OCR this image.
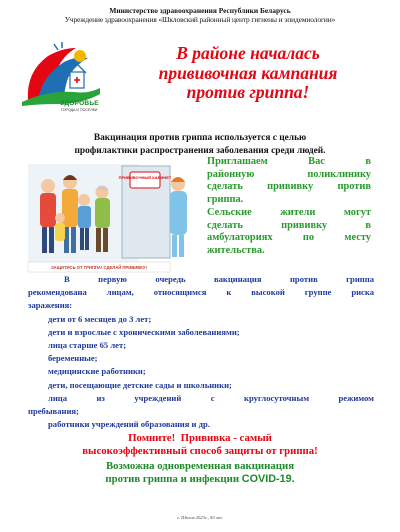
Министерство здравоохранения Республики Беларусь
Учреждение здравоохранения «Шкловский районный центр гигиены и эпидемиологии»
ЗДОРОВЬЕ
ГОРОДА И ПОСЕЛКИ
В районе началась
прививочная кампания
против гриппа!
Вакцинация против гриппа используется с целью
профилактики распространения заболевания среди людей.
ПРИВИВОЧНЫЙ КАБИНЕТ
ЗАЩИТИСЬ ОТ ГРИППА! СДЕЛАЙ ПРИВИВКУ!

Приглашаем Вас в

районную поликлинику

сделать прививку против

гриппа.

Сельские жители могут

сделать прививку в

амбулаториях по месту

жительства.

В первую очередь вакцинация против гриппа

рекомендована лицам, относящимся к высокой группе риска

заражения:

дети от 6 месяцев до 3 лет;

дети и взрослые с хроническими заболеваниями;

лица старше 65 лет;

беременные;

медицинские работники;

дети, посещающие детские сады и школьники;

лица из учреждений с круглосуточным режимом

пребывания;

работники учреждений образования и др.

Помните!  Прививка - самый
высокоэффективный способ защиты от гриппа!
Возможна одновременная вакцинация
против гриппа и инфекции COVID-19.
г. Шклов 2023г., 50 экз.
